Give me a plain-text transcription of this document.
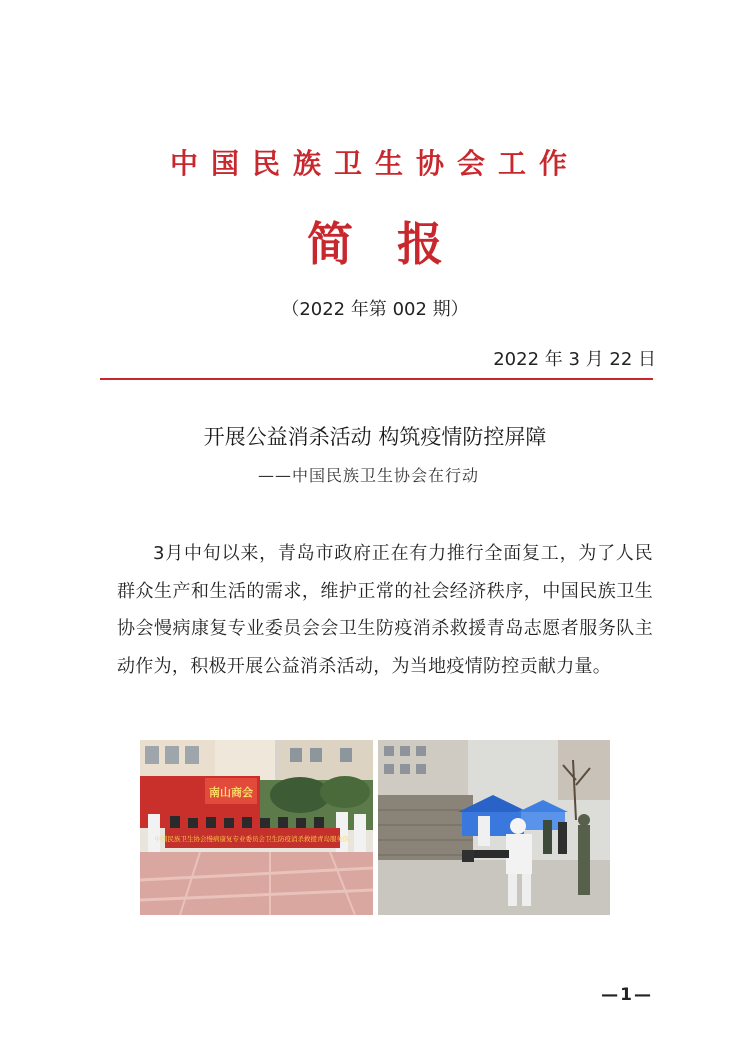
中国民族卫生协会工作
简报
（2022 年第 002 期）
2022 年 3 月 22 日
开展公益消杀活动 构筑疫情防控屏障
——中国民族卫生协会在行动
3月中旬以来，青岛市政府正在有力推行全面复工，为了人民群众生产和生活的需求，维护正常的社会经济秩序，中国民族卫生协会慢病康复专业委员会会卫生防疫消杀救援青岛志愿者服务队主动作为，积极开展公益消杀活动，为当地疫情防控贡献力量。
南山商会
中国民族卫生协会慢病康复专业委员会卫生防疫消杀救援青岛服务队
—1—
